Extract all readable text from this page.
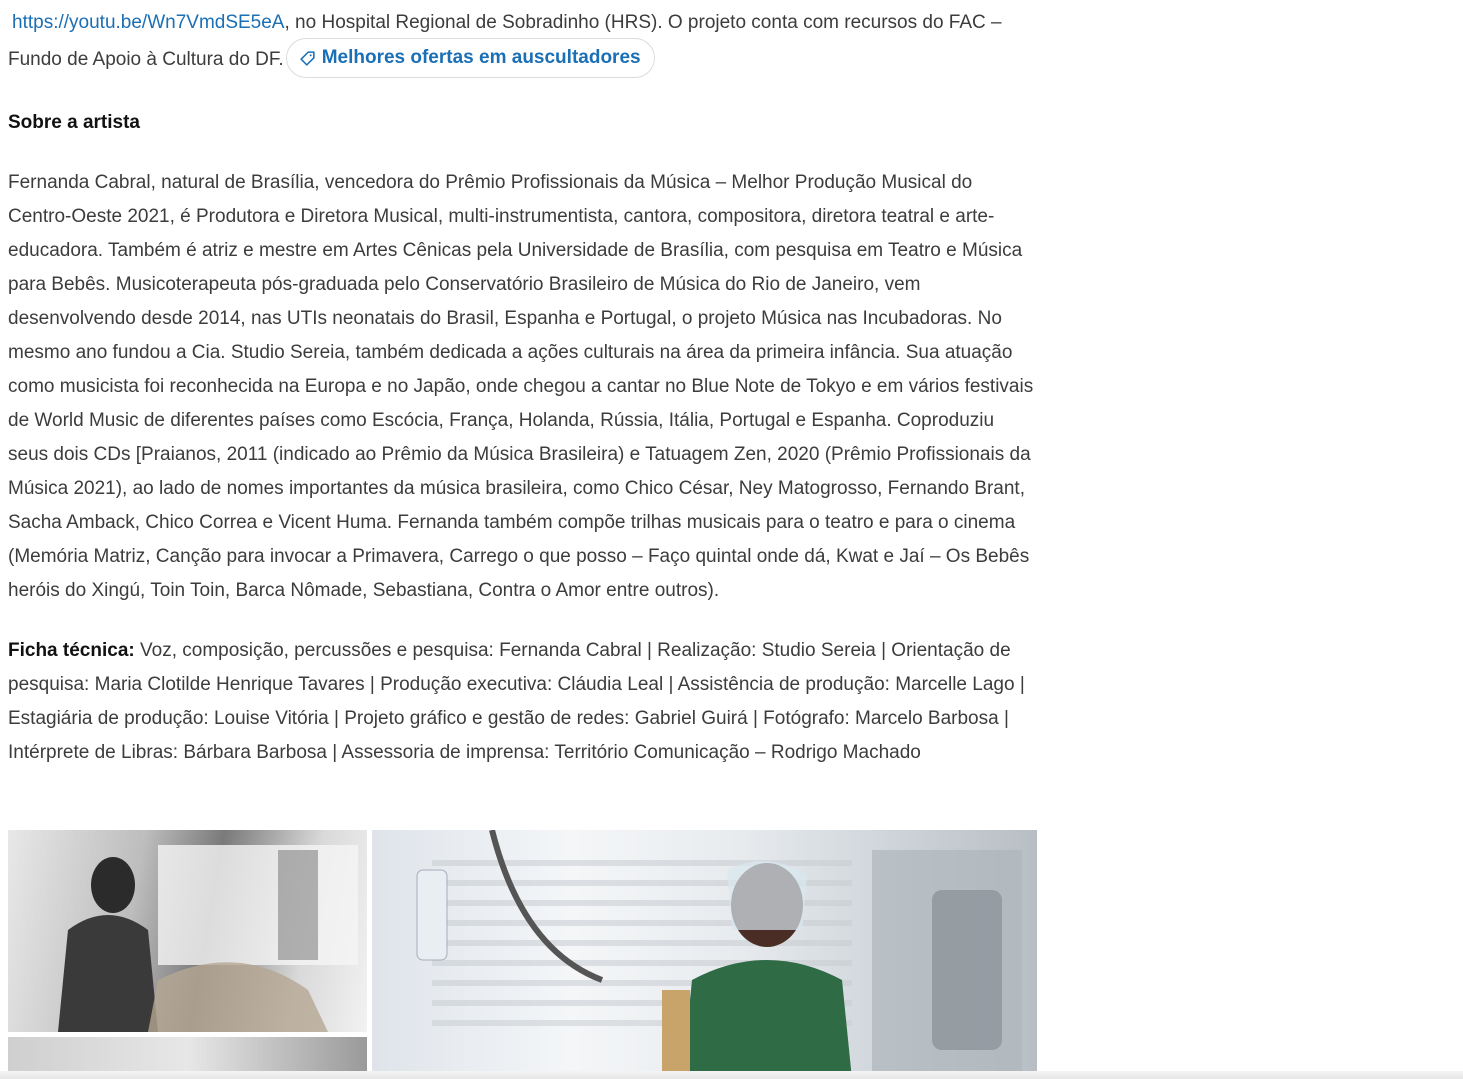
https://youtu.be/Wn7VmdSE5eA, no Hospital Regional de Sobradinho (HRS). O projeto conta com recursos do FAC – Fundo de Apoio à Cultura do DF. Melhores ofertas em auscultadores

Sobre a artista

Fernanda Cabral, natural de Brasília, vencedora do Prêmio Profissionais da Música – Melhor Produção Musical do Centro-Oeste 2021, é Produtora e Diretora Musical, multi-instrumentista, cantora, compositora, diretora teatral e arte-educadora. Também é atriz e mestre em Artes Cênicas pela Universidade de Brasília, com pesquisa em Teatro e Música para Bebês. Musicoterapeuta pós-graduada pelo Conservatório Brasileiro de Música do Rio de Janeiro, vem desenvolvendo desde 2014, nas UTIs neonatais do Brasil, Espanha e Portugal, o projeto Música nas Incubadoras. No mesmo ano fundou a Cia. Studio Sereia, também dedicada a ações culturais na área da primeira infância. Sua atuação como musicista foi reconhecida na Europa e no Japão, onde chegou a cantar no Blue Note de Tokyo e em vários festivais de World Music de diferentes países como Escócia, França, Holanda, Rússia, Itália, Portugal e Espanha. Coproduziu seus dois CDs [Praianos, 2011 (indicado ao Prêmio da Música Brasileira) e Tatuagem Zen, 2020 (Prêmio Profissionais da Música 2021), ao lado de nomes importantes da música brasileira, como Chico César, Ney Matogrosso, Fernando Brant, Sacha Amback, Chico Correa e Vicent Huma. Fernanda também compõe trilhas musicais para o teatro e para o cinema (Memória Matriz, Canção para invocar a Primavera, Carrego o que posso – Faço quintal onde dá, Kwat e Jaí – Os Bebês heróis do Xingú, Toin Toin, Barca Nômade, Sebastiana, Contra o Amor entre outros).

Ficha técnica: Voz, composição, percussões e pesquisa: Fernanda Cabral | Realização: Studio Sereia | Orientação de pesquisa: Maria Clotilde Henrique Tavares | Produção executiva: Cláudia Leal | Assistência de produção: Marcelle Lago | Estagiária de produção: Louise Vitória | Projeto gráfico e gestão de redes: Gabriel Guirá | Fotógrafo: Marcelo Barbosa | Intérprete de Libras: Bárbara Barbosa | Assessoria de imprensa: Território Comunicação – Rodrigo Machado
